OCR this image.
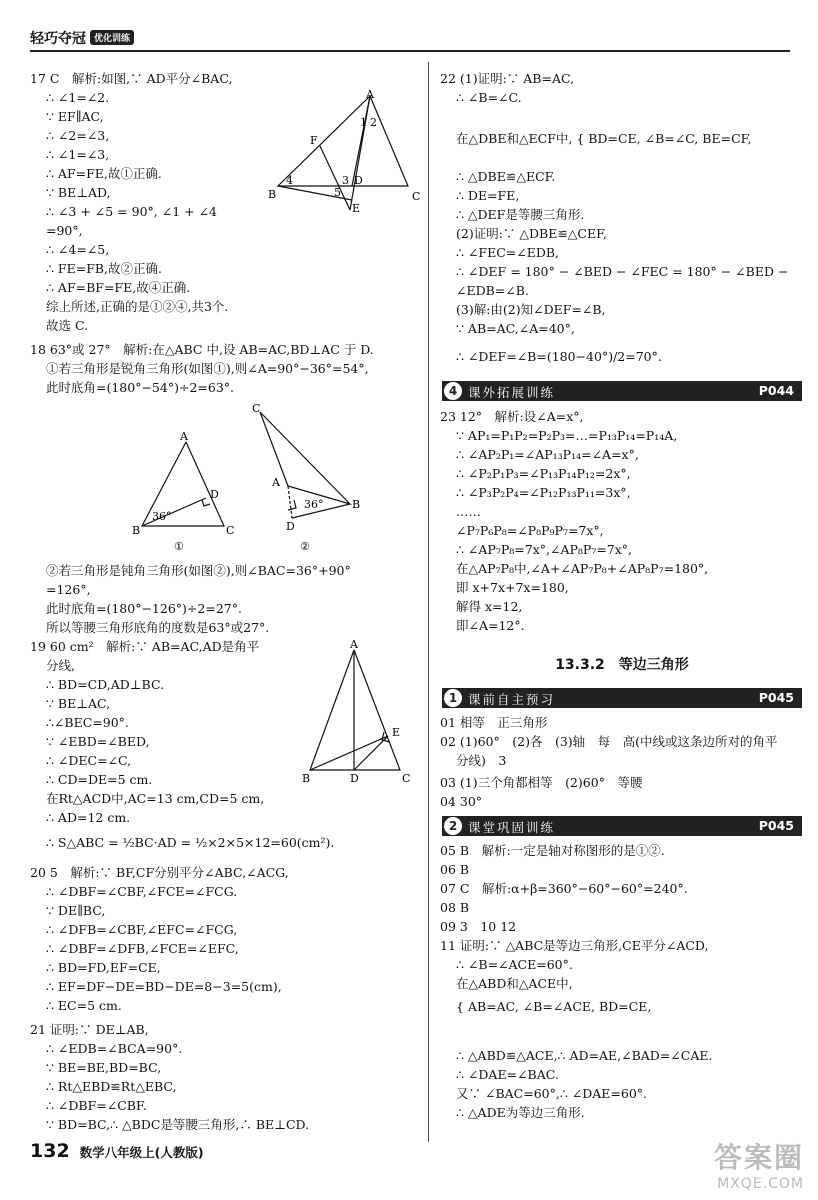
轻巧夺冠 优化训练
A
F
B	C
D
E
1 2
3
4
5
A
B	C
D
36°
①
C
A
B
D
36°
②
A
B	C
D
E
132 数学八年级上(人教版)	答案圈
MXQE.COM
17 C　解析:如图,∵ AD平分∠BAC,
∴ ∠1=∠2.
∵ EF∥AC,
∴ ∠2=∠3,
∴ ∠1=∠3,
∴ AF=FE,故①正确.
∵ BE⊥AD,
∴ ∠3 + ∠5 = 90°, ∠1 + ∠4
=90°,
∴ ∠4=∠5,
∴ FE=FB,故②正确.
∴ AF=BF=FE,故④正确.
综上所述,正确的是①②④,共3个.
故选 C.
18 63°或 27°　解析:在△ABC 中,设 AB=AC,BD⊥AC 于 D.
①若三角形是锐角三角形(如图①),则∠A=90°−36°=54°,
此时底角=(180°−54°)÷2=63°.
②若三角形是钝角三角形(如图②),则∠BAC=36°+90°
=126°,
此时底角=(180°−126°)÷2=27°.
所以等腰三角形底角的度数是63°或27°.
19 60 cm²　解析:∵ AB=AC,AD是角平
分线,
∴ BD=CD,AD⊥BC.
∵ BE⊥AC,
∴∠BEC=90°.
∵ ∠EBD=∠BED,
∴ ∠DEC=∠C,
∴ CD=DE=5 cm.
在Rt△ACD中,AC=13 cm,CD=5 cm,
∴ AD=12 cm.
∴ S△ABC = ½BC·AD = ½×2×5×12=60(cm²).
20 5　解析:∵ BF,CF分别平分∠ABC,∠ACG,
∴ ∠DBF=∠CBF,∠FCE=∠FCG.
∵ DE∥BC,
∴ ∠DFB=∠CBF,∠EFC=∠FCG,
∴ ∠DBF=∠DFB,∠FCE=∠EFC,
∴ BD=FD,EF=CE,
∴ EF=DF−DE=BD−DE=8−3=5(cm),
∴ EC=5 cm.
21 证明:∵ DE⊥AB,
∴ ∠EDB=∠BCA=90°.
∵ BE=BE,BD=BC,
∴ Rt△EBD≌Rt△EBC,
∴ ∠DBF=∠CBF.
∵ BD=BC,∴ △BDC是等腰三角形,∴ BE⊥CD.
22 (1)证明:∵ AB=AC,
∴ ∠B=∠C.
在△DBE和△ECF中, { BD=CE, ∠B=∠C, BE=CF,
∴ △DBE≌△ECF.
∴ DE=FE,
∴ △DEF是等腰三角形.
(2)证明:∵ △DBE≌△CEF,
∴ ∠FEC=∠EDB,
∴ ∠DEF = 180° − ∠BED − ∠FEC = 180° − ∠BED −
∠EDB=∠B.
(3)解:由(2)知∠DEF=∠B,
∵ AB=AC,∠A=40°,
∴ ∠DEF=∠B=(180−40°)/2=70°.
23 12°　解析:设∠A=x°,
∵ AP₁=P₁P₂=P₂P₃=…=P₁₃P₁₄=P₁₄A,
∴ ∠AP₂P₁=∠AP₁₃P₁₄=∠A=x°,
∴ ∠P₂P₁P₃=∠P₁₃P₁₄P₁₂=2x°,
∴ ∠P₃P₂P₄=∠P₁₂P₁₃P₁₁=3x°,
……
∠P₇P₆P₈=∠P₈P₉P₇=7x°,
∴ ∠AP₇P₈=7x°,∠AP₈P₇=7x°,
在△AP₇P₈中,∠A+∠AP₇P₈+∠AP₈P₇=180°,
即 x+7x+7x=180,
解得 x=12,
即∠A=12°.
01 相等　正三角形
02 (1)60°　(2)各　(3)轴　每　高(中线或这条边所对的角平
分线)　3
03 (1)三个角都相等　(2)60°　等腰
04 30°
05 B　解析:一定是轴对称图形的是①②.
06 B
07 C　解析:α+β=360°−60°−60°=240°.
08 B
09 3　10 12
11 证明:∵ △ABC是等边三角形,CE平分∠ACD,
∴ ∠B=∠ACE=60°.
在△ABD和△ACE中,
{ AB=AC, ∠B=∠ACE, BD=CE,
∴ △ABD≌△ACE,∴ AD=AE,∠BAD=∠CAE.
∴ ∠DAE=∠BAC.
又∵ ∠BAC=60°,∴ ∠DAE=60°.
∴ △ADE为等边三角形.
4 课外拓展训练	P044
1 课前自主预习	P045
2 课堂巩固训练	P045
13.3.2　等边三角形
